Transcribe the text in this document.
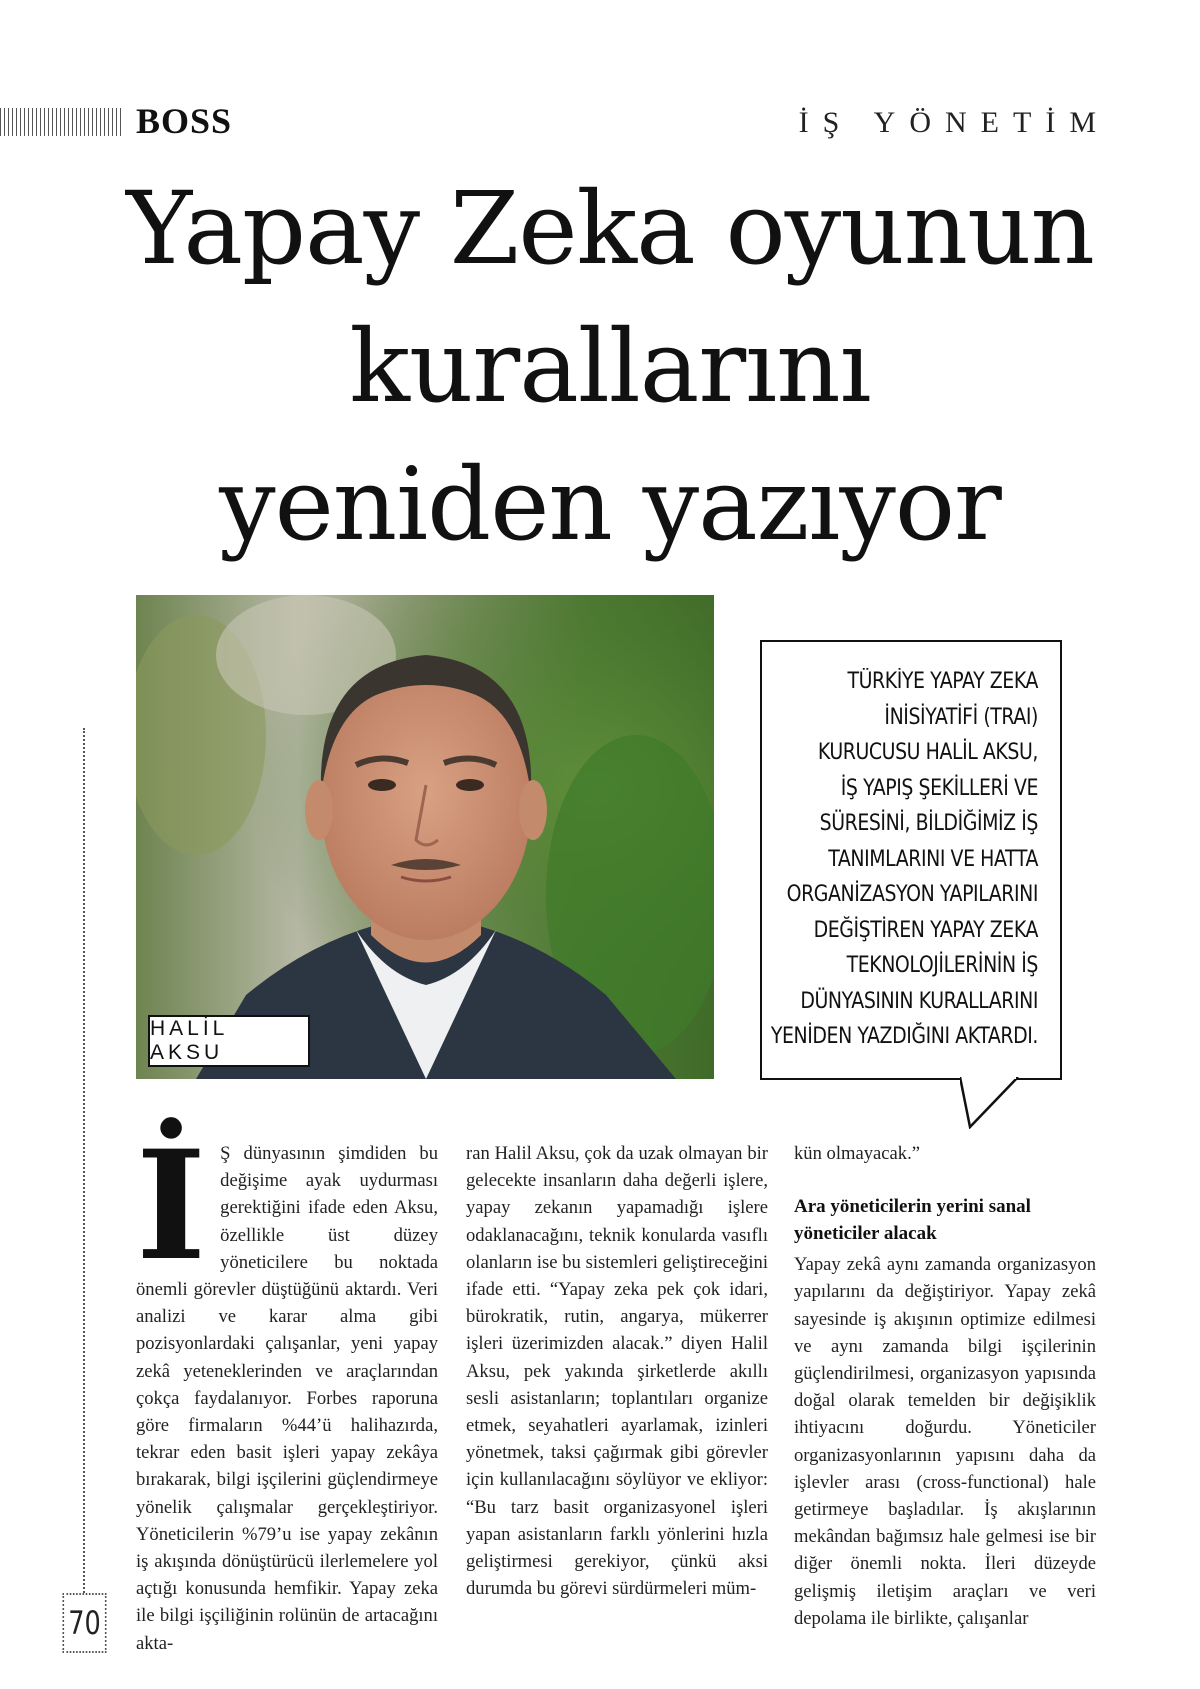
BOSS	İŞ YÖNETİM
Yapay Zeka oyunun
kurallarını
yeniden yazıyor
HALİL AKSU
TÜRKİYE YAPAY ZEKA
İNİSİYATİFİ (TRAI)
KURUCUSU HALİL AKSU,
İŞ YAPIŞ ŞEKİLLERİ VE
SÜRESİNİ, BİLDİĞİMİZ İŞ
TANIMLARINI VE HATTA
ORGANİZASYON YAPILARINI
DEĞİŞTİREN YAPAY ZEKA
TEKNOLOJİLERİNİN İŞ
DÜNYASININ KURALLARINI
YENİDEN YAZDIĞINI AKTARDI.
70

İ Ş dünyasının şimdiden bu değişime ayak uydurması gerektiğini ifade eden Aksu, özellikle üst düzey yöneticilere bu noktada önemli görevler düştüğünü aktardı. Veri analizi ve karar alma gibi pozisyonlardaki çalışanlar, yeni yapay zekâ yeteneklerinden ve araçlarından çokça faydalanıyor. Forbes raporuna göre firmaların %44’ü halihazırda, tekrar eden basit işleri yapay zekâya bırakarak, bilgi işçilerini güçlendirmeye yönelik çalışmalar gerçekleştiriyor. Yöneticilerin %79’u ise yapay zekânın iş akışında dönüştürücü ilerlemelere yol açtığı konusunda hemfikir. Yapay zeka ile bilgi işçiliğinin rolünün de artacağını akta-

ran Halil Aksu, çok da uzak olmayan bir gelecekte insanların daha değerli işlere, yapay zekanın yapamadığı işlere odaklanacağını, teknik konularda vasıflı olanların ise bu sistemleri geliştireceğini ifade etti. “Yapay zeka pek çok idari, bürokratik, rutin, angarya, mükerrer işleri üzerimizden alacak.” diyen Halil Aksu, pek yakında şirketlerde akıllı sesli asistanların; toplantıları organize etmek, seyahatleri ayarlamak, izinleri yönetmek, taksi çağırmak gibi görevler için kullanılacağını söylüyor ve ekliyor: “Bu tarz basit organizasyonel işleri yapan asistanların farklı yönlerini hızla geliştirmesi gerekiyor, çünkü aksi durumda bu görevi sürdürmeleri müm-

kün olmayacak.”

Ara yöneticilerin yerini sanal yöneticiler alacak

Yapay zekâ aynı zamanda organizasyon yapılarını da değiştiriyor. Yapay zekâ sayesinde iş akışının optimize edilmesi ve aynı zamanda bilgi işçilerinin güçlendirilmesi, organizasyon yapısında doğal olarak temelden bir değişiklik ihtiyacını doğurdu. Yöneticiler organizasyonlarının yapısını daha da işlevler arası (cross-functional) hale getirmeye başladılar. İş akışlarının mekândan bağımsız hale gelmesi ise bir diğer önemli nokta. İleri düzeyde gelişmiş iletişim araçları ve veri depolama ile birlikte, çalışanlar
